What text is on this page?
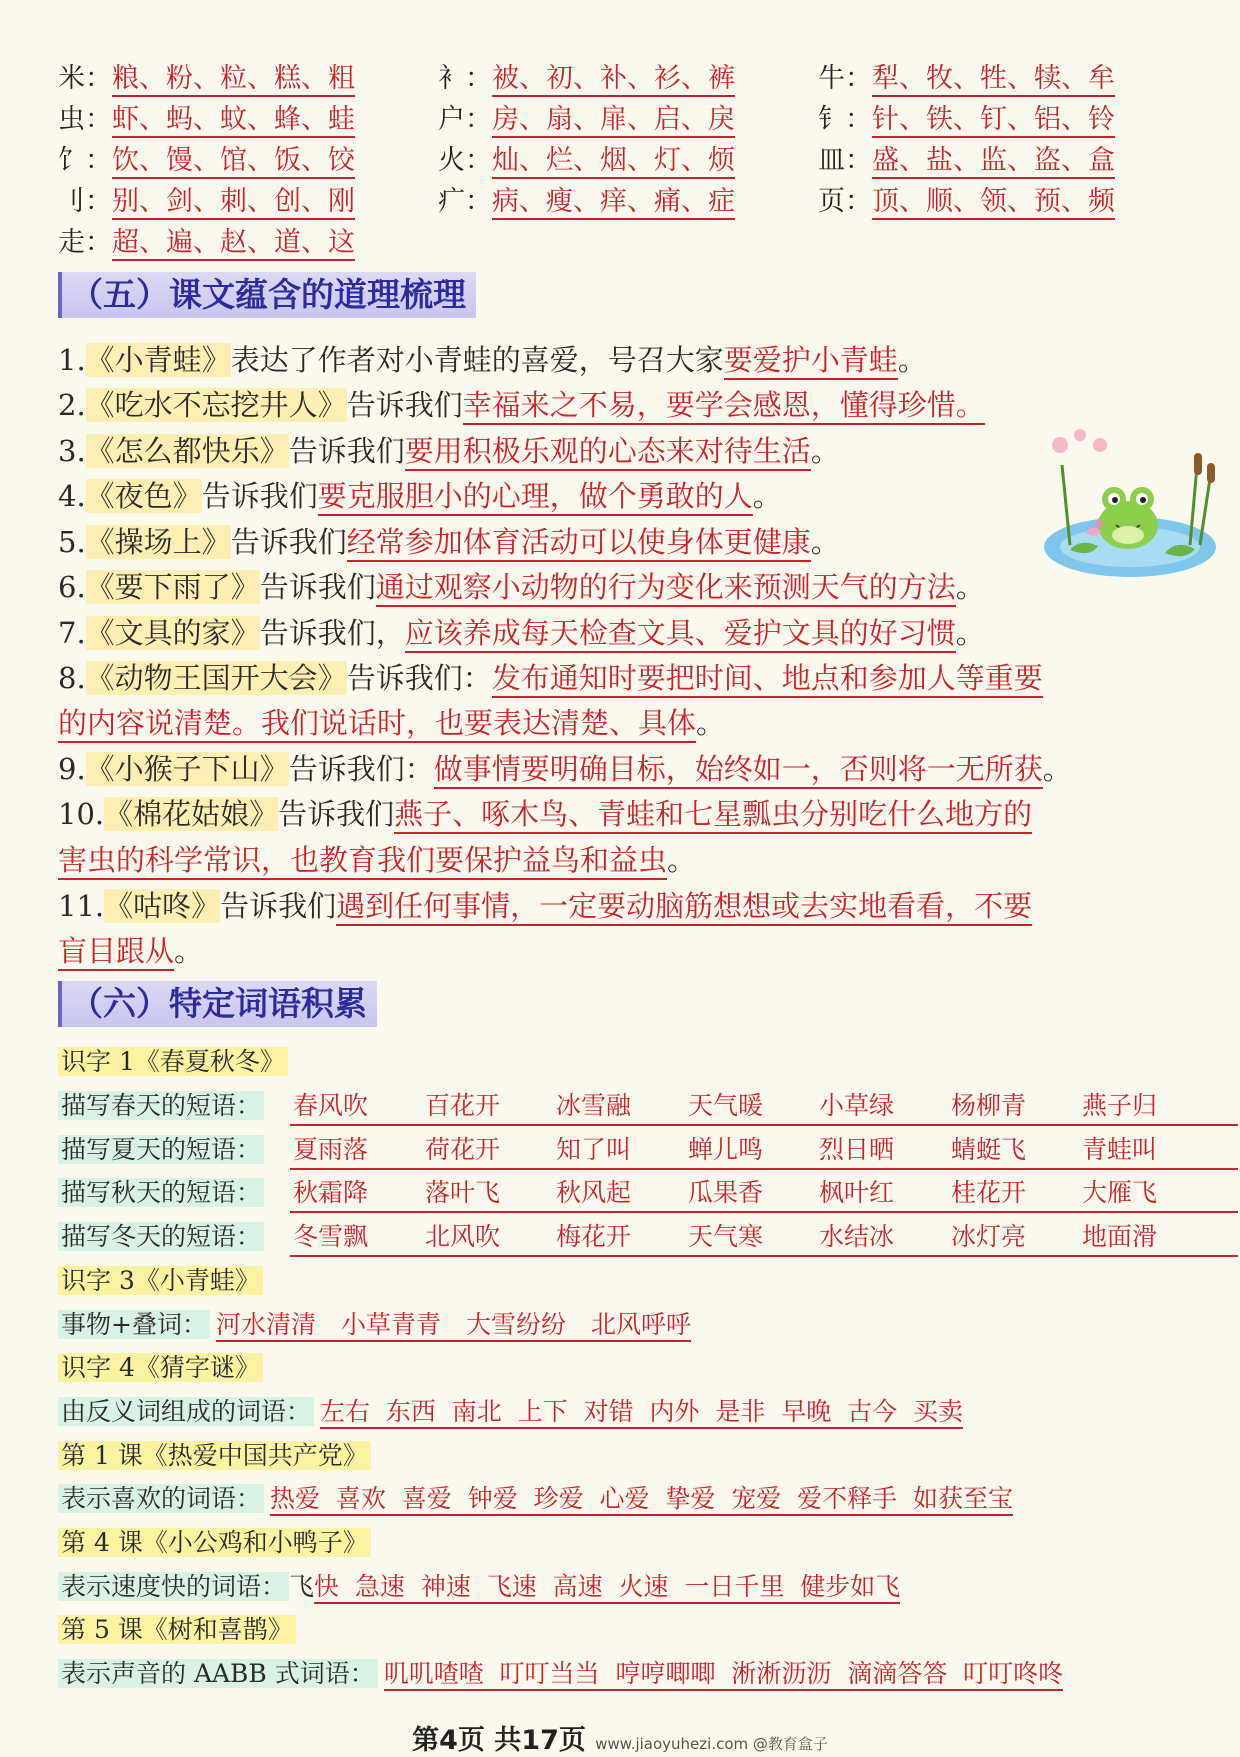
米：粮、粉、粒、糕、粗	衤：被、初、补、衫、裤	牛：犁、牧、牲、犊、牟
虫：虾、蚂、蚊、蜂、蛙	户：房、扇、扉、启、戾	钅：针、铁、钉、铝、铃
饣：饮、馒、馆、饭、饺	火：灿、烂、烟、灯、烦	皿：盛、盐、监、盗、盒
刂：别、剑、刺、创、刚	疒：病、瘦、痒、痛、症	页：顶、顺、领、预、频
走：超、遍、赵、道、这
（五）课文蕴含的道理梳理
1.《小青蛙》表达了作者对小青蛙的喜爱，号召大家要爱护小青蛙。
2.《吃水不忘挖井人》告诉我们幸福来之不易，要学会感恩，懂得珍惜。
3.《怎么都快乐》告诉我们要用积极乐观的心态来对待生活。
4.《夜色》告诉我们要克服胆小的心理，做个勇敢的人。
5.《操场上》告诉我们经常参加体育活动可以使身体更健康。
6.《要下雨了》告诉我们通过观察小动物的行为变化来预测天气的方法。
7.《文具的家》告诉我们，应该养成每天检查文具、爱护文具的好习惯。
8.《动物王国开大会》告诉我们：发布通知时要把时间、地点和参加人等重要
的内容说清楚。我们说话时，也要表达清楚、具体。
9.《小猴子下山》告诉我们：做事情要明确目标，始终如一，否则将一无所获。
10.《棉花姑娘》告诉我们燕子、啄木鸟、青蛙和七星瓢虫分别吃什么地方的
害虫的科学常识，也教育我们要保护益鸟和益虫。
11.《咕咚》告诉我们遇到任何事情，一定要动脑筋想想或去实地看看，不要
盲目跟从。
（六）特定词语积累
识字 1《春夏秋冬》
描写春天的短语： 春风吹 百花开 冰雪融 天气暖 小草绿 杨柳青 燕子归
描写夏天的短语： 夏雨落 荷花开 知了叫 蝉儿鸣 烈日晒 蜻蜓飞 青蛙叫
描写秋天的短语： 秋霜降 落叶飞 秋风起 瓜果香 枫叶红 桂花开 大雁飞
描写冬天的短语： 冬雪飘 北风吹 梅花开 天气寒 水结冰 冰灯亮 地面滑
识字 3《小青蛙》
事物+叠词： 河水清清　小草青青　大雪纷纷　北风呼呼
识字 4《猜字谜》
由反义词组成的词语： 左右  东西  南北  上下  对错  内外  是非  早晚  古今  买卖
第 1 课《热爱中国共产党》
表示喜欢的词语： 热爱  喜欢  喜爱  钟爱  珍爱  心爱  挚爱  宠爱  爱不释手  如获至宝
第 4 课《小公鸡和小鸭子》
表示速度快的词语： 飞快  急速  神速  飞速  高速  火速  一日千里  健步如飞
第 5 课《树和喜鹊》
表示声音的 AABB 式词语： 叽叽喳喳  叮叮当当  哼哼唧唧  淅淅沥沥  滴滴答答  叮叮咚咚
第4页 共17页 www.jiaoyuhezi.com @教育盒子
